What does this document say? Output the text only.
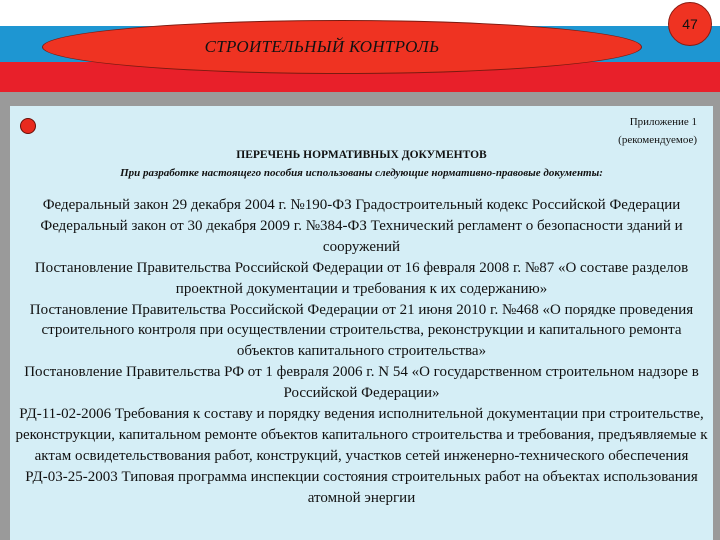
СТРОИТЕЛЬНЫЙ КОНТРОЛЬ
47
Приложение 1
(рекомендуемое)
ПЕРЕЧЕНЬ НОРМАТИВНЫХ ДОКУМЕНТОВ
При разработке настоящего пособия использованы следующие нормативно-правовые документы:

Федеральный закон 29 декабря 2004 г. №190-ФЗ Градостроительный кодекс Российской Федерации

Федеральный закон от 30 декабря 2009 г. №384-ФЗ Технический регламент о безопасности зданий и сооружений

Постановление Правительства Российской Федерации от 16 февраля 2008 г. №87 «О составе разделов проектной документации и требования к их содержанию»

Постановление Правительства Российской Федерации от 21 июня 2010 г. №468 «О порядке проведения строительного контроля при осуществлении строительства, реконструкции и капитального ремонта объектов капитального строительства»

Постановление Правительства РФ от 1 февраля 2006 г. N 54 «О государственном строительном надзоре в Российской Федерации»

РД-11-02-2006 Требования к составу и порядку ведения исполнительной документации при строительстве, реконструкции, капитальном ремонте объектов капитального строительства и требования, предъявляемые к актам освидетельствования работ, конструкций, участков сетей инженерно-технического обеспечения

РД-03-25-2003 Типовая программа инспекции состояния строительных работ на объектах использования атомной энергии
